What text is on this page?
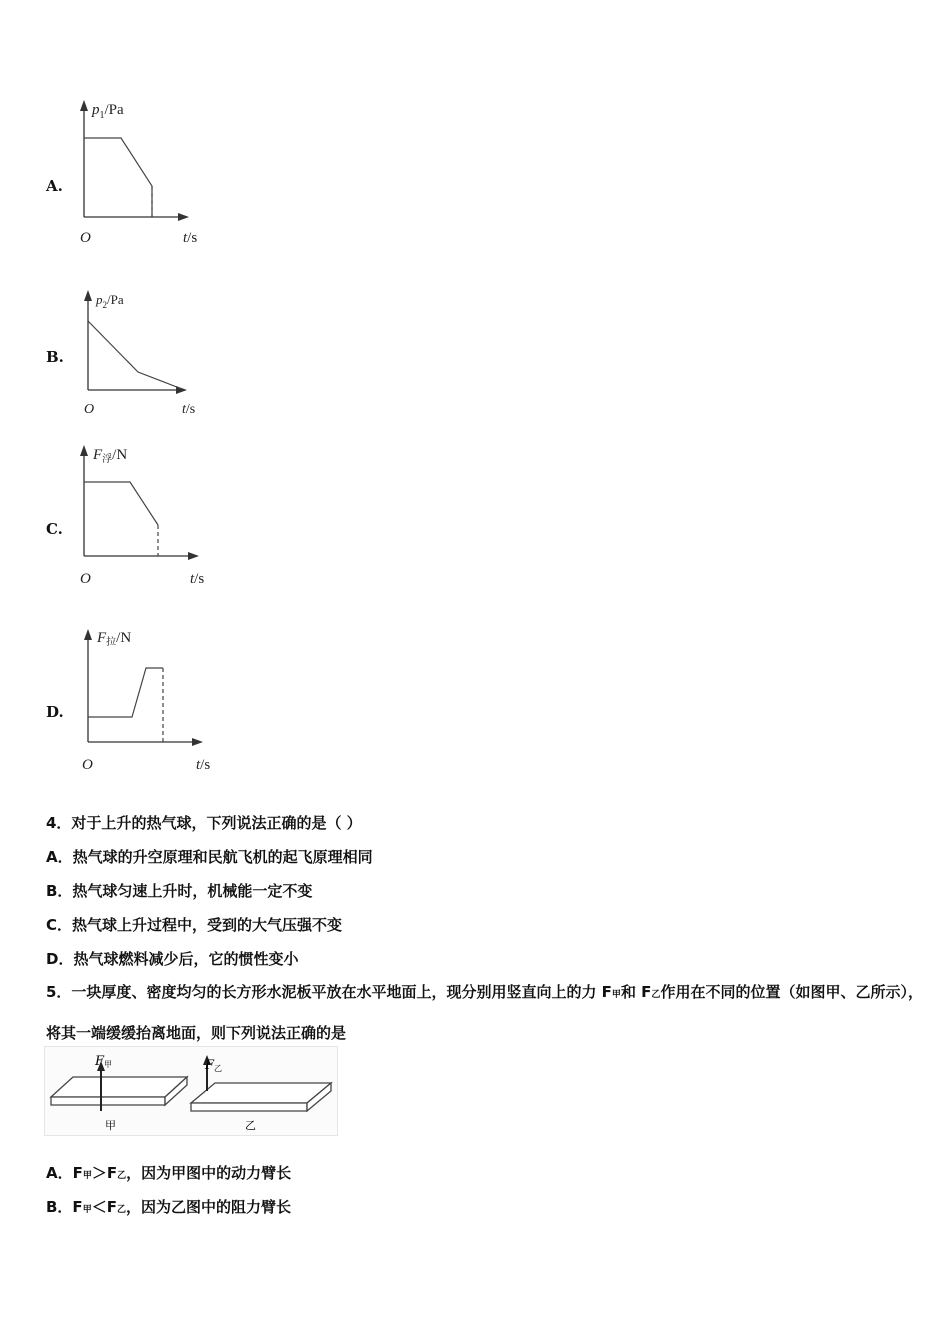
A.
$p_1/Pa$
O	t/s
B.
$p_2/Pa$
O	t/s
C.
$F_浮/N$
O	t/s
D.
$F_拉/N$
O	t/s
4．对于上升的热气球，下列说法正确的是（ ）
A．热气球的升空原理和民航飞机的起飞原理相同
B．热气球匀速上升时，机械能一定不变
C．热气球上升过程中，受到的大气压强不变
D．热气球燃料减少后，它的惯性变小
5．一块厚度、密度均匀的长方形水泥板平放在水平地面上，现分别用竖直向上的力 F甲和 F乙作用在不同的位置（如图甲、乙所示），将其一端缓缓抬离地面，则下列说法正确的是
F甲
甲
F乙
乙
A．F甲＞F乙，因为甲图中的动力臂长
B．F甲＜F乙，因为乙图中的阻力臂长
